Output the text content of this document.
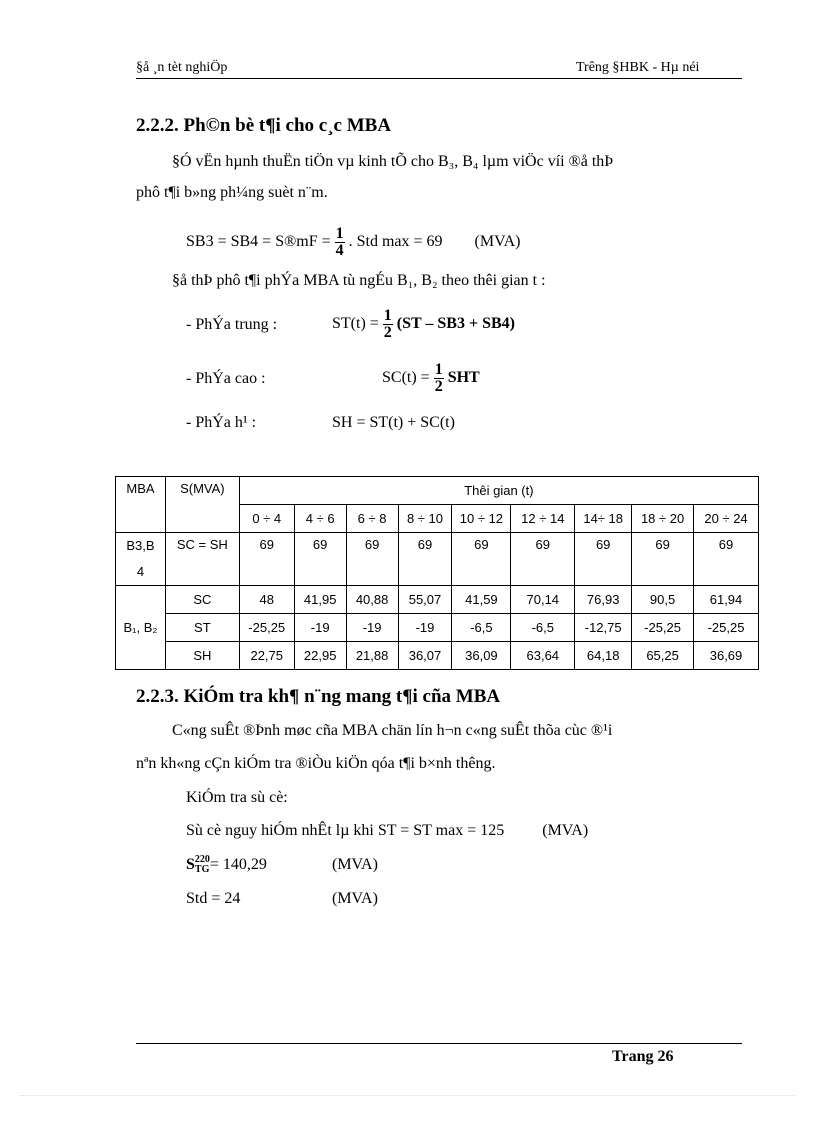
§å ¸n tèt nghiÖp	Trêng §HBK - Hµ néi
2.2.2. Ph©n bè t¶i cho c¸c MBA
§Ó vËn hµnh thuËn tiÖn vµ kinh tÕ cho B₃, B₄ lµm viÖc víi ®å thÞ
phô t¶i b»ng ph¼ng suèt n¨m.
SB3 = SB4 = S®mF = $\frac{1}{4}$ . Std max = 69 (MVA)
§å thÞ phô t¶i phÝa MBA tù ngÉu B₁, B₂ theo thêi gian t :
- PhÝa trung :	$ST(t) = \frac{1}{2} (ST - SB3 + SB4)$
- PhÝa cao :	$SC(t) = \frac{1}{2}$ SHT
- PhÝa h¹ :	SH = ST(t) + SC(t)
MBA	S(MVA)	Thêi gian (t)								
		0 ÷ 4	4 ÷ 6	6 ÷ 8	8 ÷ 10	10 ÷ 12	12 ÷ 14	14÷ 18	18 ÷ 20	20 ÷ 24
B3,B
4	SC = SH	69	69	69	69	69	69	69	69	69
B₁, B₂	SC	48	41,95	40,88	55,07	41,59	70,14	76,93	90,5	61,94
	ST	-25,25	-19	-19	-19	-6,5	-6,5	-12,75	-25,25	-25,25
	SH	22,75	22,95	21,88	36,07	36,09	63,64	64,18	65,25	36,69
2.2.3. KiÓm tra kh¶ n¨ng mang t¶i cña MBA
C«ng suÊt ®Þnh møc cña MBA chän lín h¬n c«ng suÊt thõa cùc ®¹i
nªn kh«ng cÇn kiÓm tra ®iÒu kiÖn qóa t¶i b×nh thêng.
KiÓm tra sù cè:
Sù cè nguy hiÓm nhÊt lµ khi ST = ST max = 125 (MVA)
S 220
TG = 140,29	(MVA)
Std = 24	(MVA)
Trang 26
